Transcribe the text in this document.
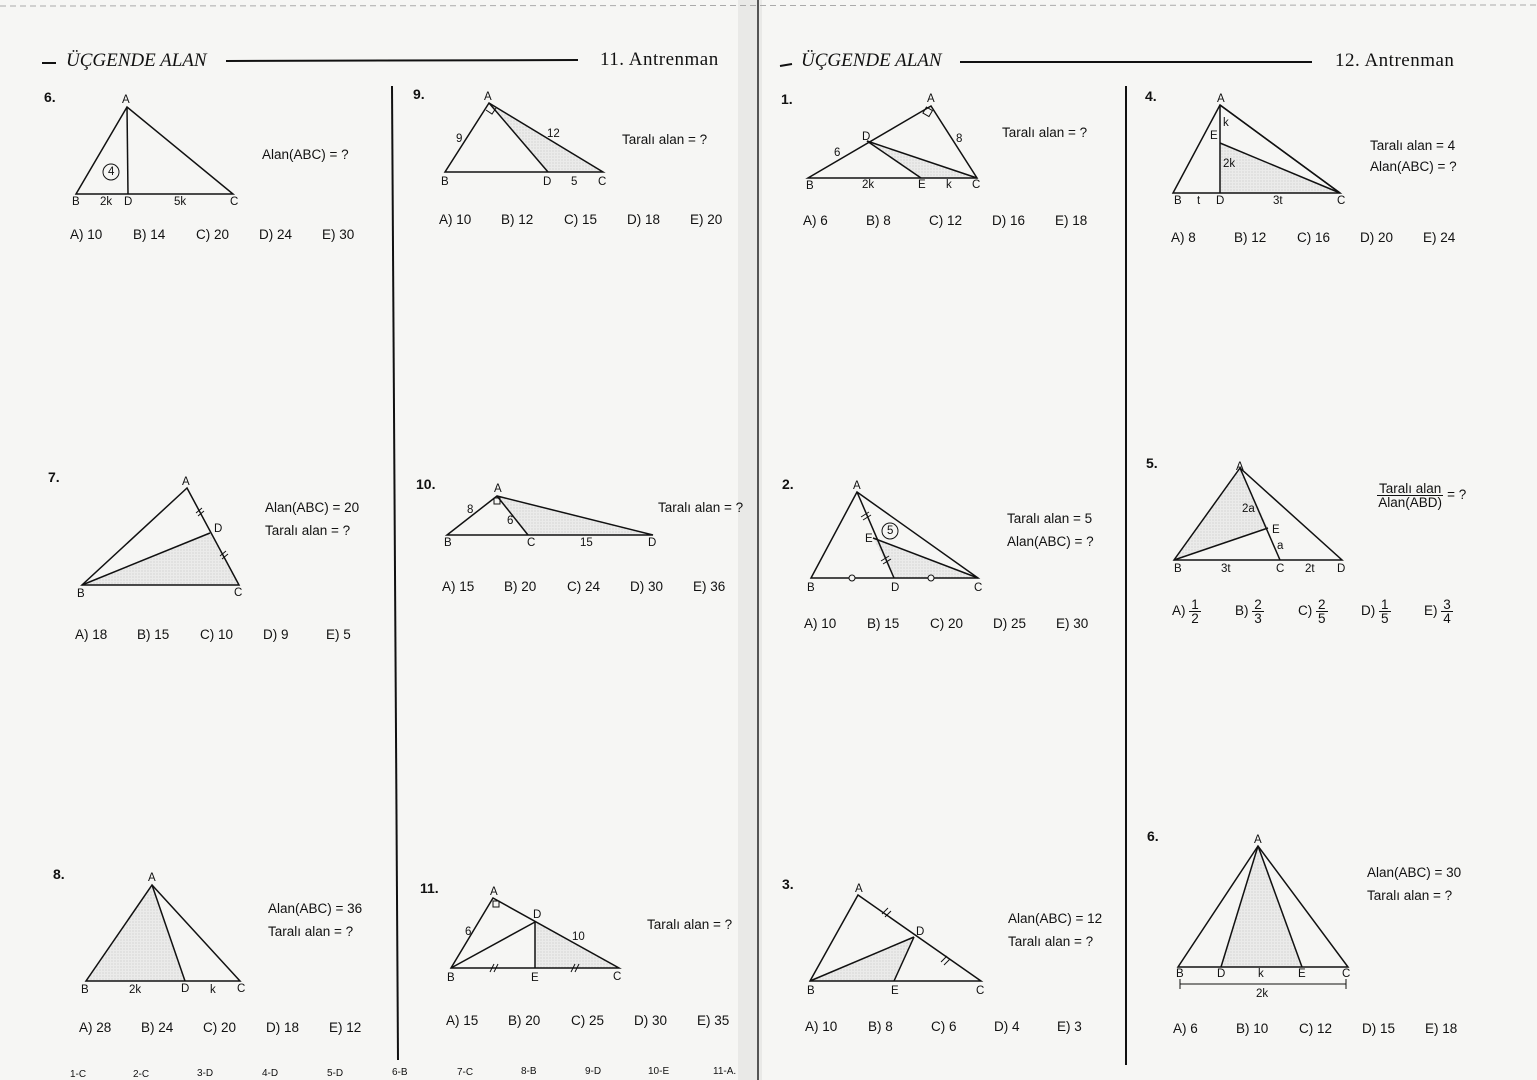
ÜÇGENDE ALAN	11. Antrenman
6.	A
B	D	C
2k	5k
4
Alan(ABC) = ?
A) 10 B) 14 C) 20 D) 24 E) 30
7.	A
B	C
D
Alan(ABC) = 20
Taralı alan = ?
A) 18 B) 15 C) 10 D) 9	E) 5
8.	A
B	D	C
2k	k
Alan(ABC) = 36
Taralı alan = ?
A) 28 B) 24 C) 20 D) 18 E) 12
9.	A
B	D	C
9	12
5
Taralı alan = ?
A) 10 B) 12 C) 15 D) 18 E) 20
10.	A
B	C	D
8
6
15
Taralı alan = ?
A) 15 B) 20 C) 24 D) 30 E) 36
11.	A
B
D
E	C
6	10
Taralı alan = ?
A) 15 B) 20 C) 25 D) 30 E) 35
1-C	2-C	3-D	4-D	5-D	6-B	7-C	8-B	9-D	10-E	11-A.
ÜÇGENDE ALAN	12. Antrenman
1.	A
B	C
D
E
6
8
2k	k
Taralı alan = ?
A) 6	B) 8	C) 12 D) 16 E) 18
2.	A
B	C
D
E
5
Taralı alan = 5
Alan(ABC) = ?
A) 10 B) 15 C) 20 D) 25 E) 30
3.	A
B	C
D
E
Alan(ABC) = 12
Taralı alan = ?
A) 10 B) 8	C) 6	D) 4	E) 3
4.	A
B	C
D
E
k
2k
t	3t
Taralı alan = 4
Alan(ABC) = ?
A) 8	B) 12 C) 16 D) 20 E) 24
5.	A
B	C	D
E
2a
a
3t	2t
$\frac{\text{Taralı alan}}{\text{Alan(ABD)}}$ = ?
$A) \frac{1}{2}$	$B) \frac{2}{3}$	$C) \frac{2}{5} D) \frac{1}{5} E) \frac{3}{4}$
6.	A
B	D	E	C
k
2k
Alan(ABC) = 30
Taralı alan = ?
A) 6	B) 10 C) 12 D) 15 E) 18
